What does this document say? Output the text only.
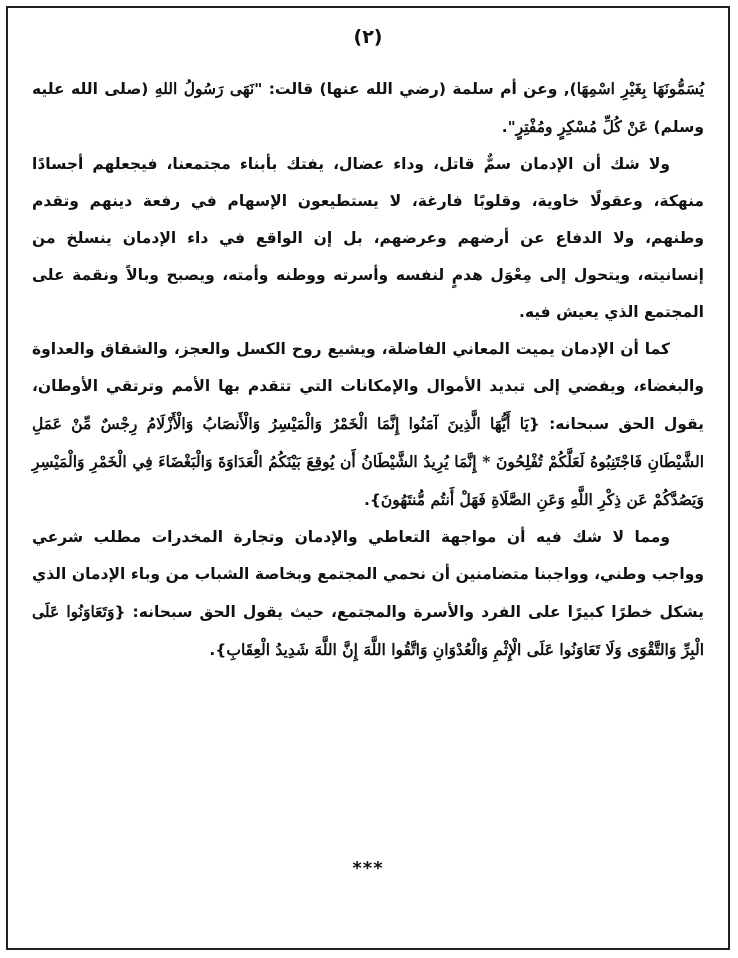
(٢)

يُسَمُّونَهَا بِغَيْرِ اسْمِهَا), وعن أم سلمة (رضي الله عنها) قالت: "نَهَى رَسُولُ اللهِ (صلى الله عليه وسلم) عَنْ كُلِّ مُسْكِرٍ ومُفْتِرٍ".

ولا شك أن الإدمان سمٌّ قاتل، وداء عضال، يفتك بأبناء مجتمعنا، فيجعلهم أجسادًا منهكة، وعقولًا خاوية، وقلوبًا فارغة، لا يستطيعون الإسهام في رفعة دينهم وتقدم وطنهم، ولا الدفاع عن أرضهم وعرضهم، بل إن الواقع في داء الإدمان ينسلخ من إنسانيته، ويتحول إلى مِعْوَل هدمٍ لنفسه وأسرته ووطنه وأمته، ويصبح وبالاً ونقمة على المجتمع الذي يعيش فيه.

كما أن الإدمان يميت المعاني الفاضلة، ويشيع روح الكسل والعجز، والشقاق والعداوة والبغضاء، ويفضي إلى تبديد الأموال والإمكانات التي تتقدم بها الأمم وترتقي الأوطان، يقول الحق سبحانه: {يَا أَيُّهَا الَّذِينَ آمَنُوا إِنَّمَا الْخَمْرُ وَالْمَيْسِرُ وَالْأَنصَابُ وَالْأَزْلَامُ رِجْسٌ مِّنْ عَمَلِ الشَّيْطَانِ فَاجْتَنِبُوهُ لَعَلَّكُمْ تُفْلِحُونَ * إِنَّمَا يُرِيدُ الشَّيْطَانُ أَن يُوقِعَ بَيْنَكُمُ الْعَدَاوَةَ وَالْبَغْضَاءَ فِي الْخَمْرِ وَالْمَيْسِرِ وَيَصُدَّكُمْ عَن ذِكْرِ اللَّهِ وَعَنِ الصَّلَاةِ فَهَلْ أَنتُم مُّنتَهُونَ}.

ومما لا شك فيه أن مواجهة التعاطي والإدمان وتجارة المخدرات مطلب شرعي وواجب وطني، وواجبنا متضامنين أن نحمي المجتمع وبخاصة الشباب من وباء الإدمان الذي يشكل خطرًا كبيرًا على الفرد والأسرة والمجتمع، حيث يقول الحق سبحانه: {وَتَعَاوَنُوا عَلَى الْبِرِّ وَالتَّقْوَى وَلَا تَعَاوَنُوا عَلَى الْإِثْمِ وَالْعُدْوَانِ وَاتَّقُوا اللَّهَ إِنَّ اللَّهَ شَدِيدُ الْعِقَابِ}.

***
